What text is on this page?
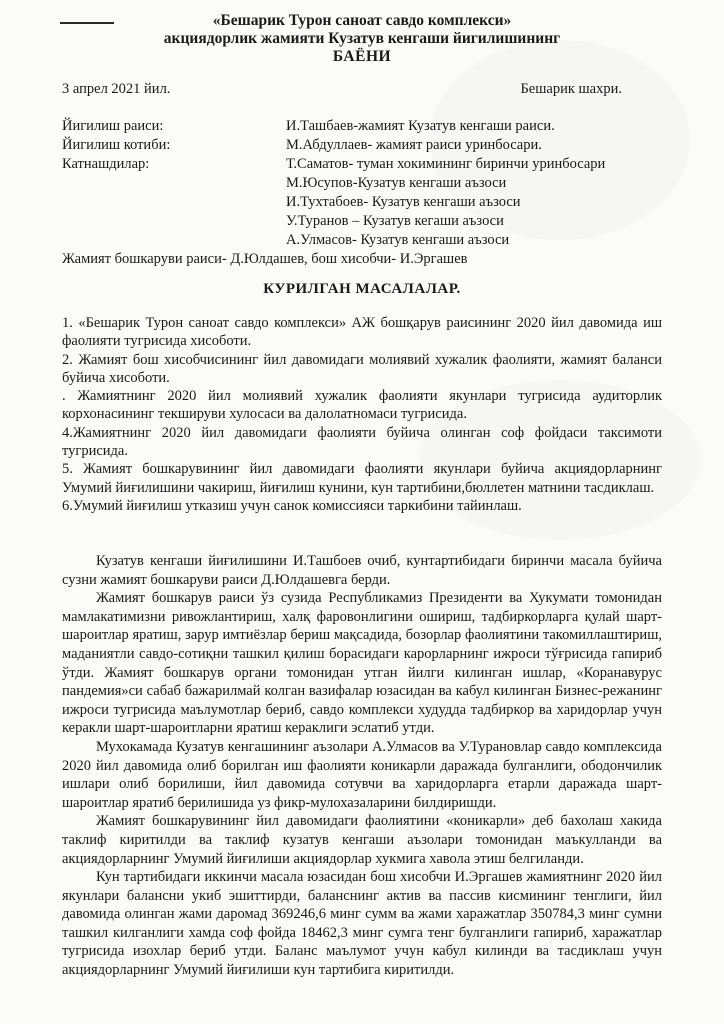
«Бешарик Турон саноат савдо комплекси»
акциядорлик жамияти Кузатув кенгаши йигилишининг
БАЁНИ
3 апрел 2021 йил.	Бешарик шахри.
Йигилиш раиси:	И.Ташбаев-жамият Кузатув кенгаши раиси.
Йигилиш котиби:	М.Абдуллаев- жамият раиси уринбосари.
Катнашдилар:	Т.Саматов- туман хокимининг биринчи уринбосари
М.Юсупов-Кузатув кенгаши аъзоси
И.Тухтабоев- Кузатув кенгаши аъзоси
У.Туранов – Кузатув кегаши аъзоси
А.Улмасов- Кузатув кенгаши аъзоси
Жамият бошкаруви раиси- Д.Юлдашев, бош хисобчи- И.Эргашев
КУРИЛГАН МАСАЛАЛАР.

1. «Бешарик Турон саноат савдо комплекси» АЖ бошқарув раисининг 2020 йил давомида иш фаолияти тугрисида хисоботи.

2. Жамият бош хисобчисининг йил давомидаги молиявий хужалик фаолияти, жамият баланси буйича хисоботи.

. Жамиятнинг 2020 йил молиявий хужалик фаолияти якунлари тугрисида аудиторлик корхонасининг текшируви хулосаси ва далолатномаси тугрисида.

4.Жамиятнинг 2020 йил давомидаги фаолияти буйича олинган соф фойдаси таксимоти тугрисида.

5. Жамият бошкарувининг йил давомидаги фаолияти якунлари буйича акциядорларнинг Умумий йиғилишини чакириш, йиғилиш кунини, кун тартибини,бюллетен матнини тасдиклаш.

6.Умумий йиғилиш утказиш учун санок комиссияси таркибини тайинлаш.

Кузатув кенгаши йиғилишини И.Ташбоев очиб, кунтартибидаги биринчи масала буйича сузни жамият бошкаруви раиси Д.Юлдашевга берди.

Жамият бошкарув раиси ўз сузида Республикамиз Президенти ва Хукумати томонидан мамлакатимизни ривожлантириш, халқ фаровонлигини ошириш, тадбиркорларга қулай шарт-шароитлар яратиш, зарур имтиёзлар бериш мақсадида, бозорлар фаолиятини такомиллаштириш, маданиятли савдо-сотиқни ташкил қилиш борасидаги карорларнинг ижроси тўғрисида гапириб ўтди. Жамият бошкарув органи томонидан утган йилги килинган ишлар, «Коранавурус пандемия»си сабаб бажарилмай колган вазифалар юзасидан ва кабул килинган Бизнес-режанинг ижроси тугрисида маълумотлар бериб, савдо комплекси худудда тадбиркор ва харидорлар учун керакли шарт-шароитларни яратиш кераклиги эслатиб утди.

Мухокамада Кузатув кенгашининг аъзолари А.Улмасов ва У.Турановлар савдо комплексида 2020 йил давомида олиб борилган иш фаолияти коникарли даражада булганлиги, ободончилик ишлари олиб борилиши, йил давомида сотувчи ва харидорларга етарли даражада шарт-шароитлар яратиб берилишида уз фикр-мулохазаларини билдиришди.

Жамият бошкарувининг йил давомидаги фаолиятини «коникарли» деб бахолаш хакида таклиф киритилди ва таклиф кузатув кенгаши аъзолари томонидан маъкулланди ва акциядорларнинг Умумий йиғилиши акциядорлар хукмига хавола этиш белгиланди.

Кун тартибидаги иккинчи масала юзасидан бош хисобчи И.Эргашев жамиятнинг 2020 йил якунлари балансни укиб эшиттирди, баланснинг актив ва пассив кисмининг тенглиги, йил давомида олинган жами даромад 369246,6 минг сумм ва жами харажатлар 350784,3 минг сумни ташкил килганлиги хамда соф фойда 18462,3 минг сумга тенг булганлиги гапириб, харажатлар тугрисида изохлар бериб утди. Баланс маълумот учун кабул килинди ва тасдиклаш учун акциядорларнинг Умумий йиғилиши кун тартибига киритилди.
